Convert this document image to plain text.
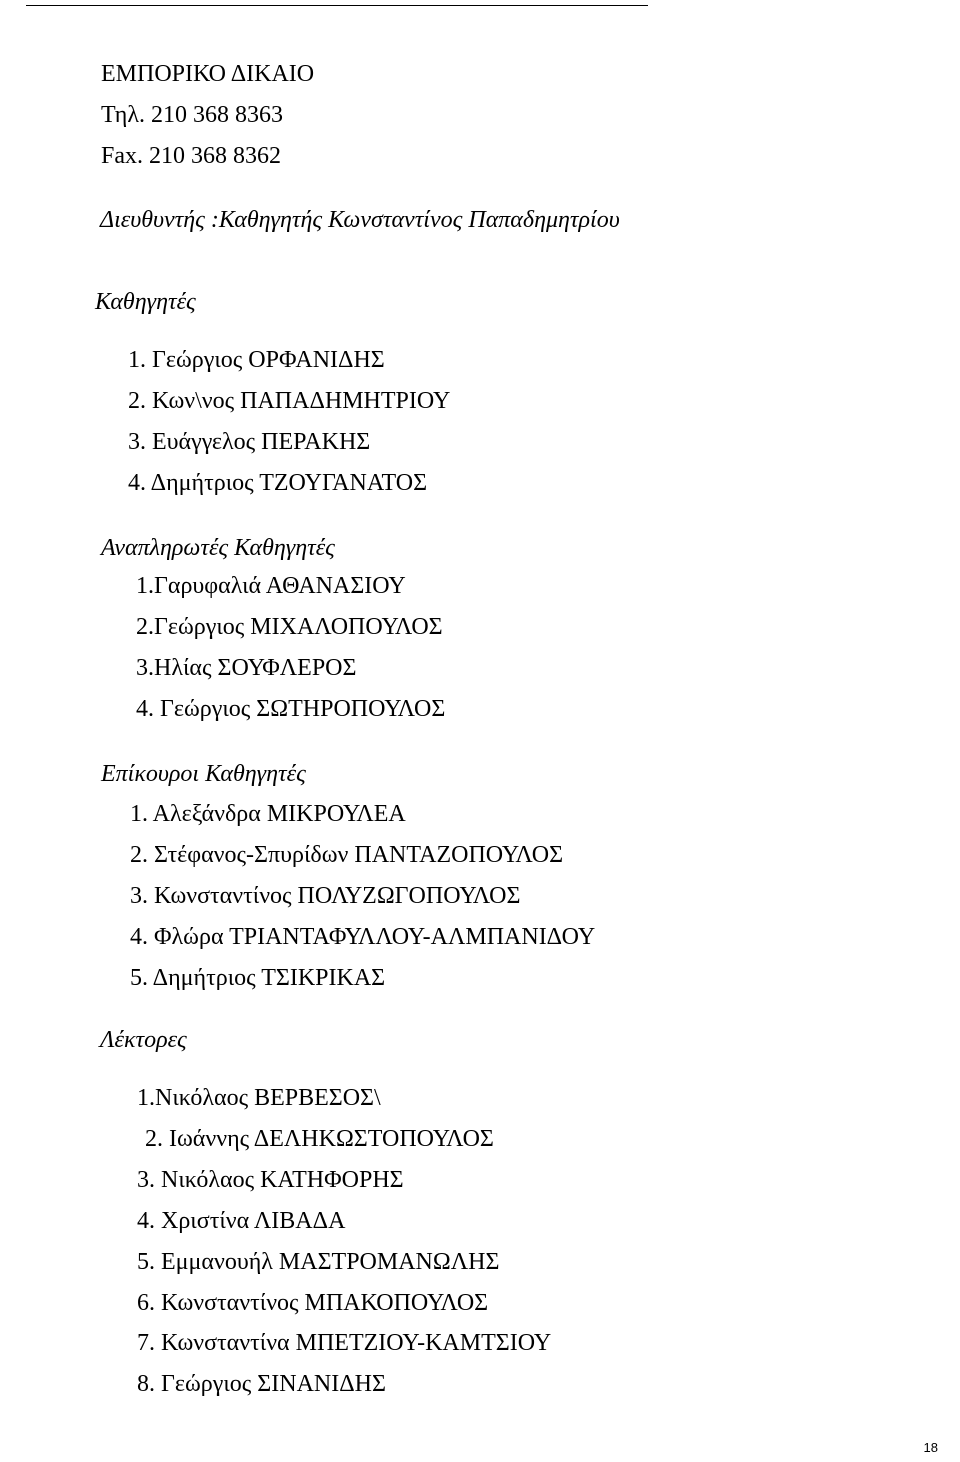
ΕΜΠΟΡΙΚΟ ΔΙΚΑΙΟ
Τηλ. 210 368 8363
Fax. 210 368 8362
Διευθυντής :Καθηγητής Κωνσταντίνος Παπαδημητρίου
Καθηγητές
1. Γεώργιος ΟΡΦΑΝΙΔΗΣ
2. Κων\νος ΠΑΠΑΔΗΜΗΤΡΙΟΥ
3. Ευάγγελος ΠΕΡΑΚΗΣ
4. Δημήτριος ΤΖΟΥΓΑΝΑΤΟΣ
Αναπληρωτές Καθηγητές
1.Γαρυφαλιά ΑΘΑΝΑΣΙΟΥ
2.Γεώργιος ΜΙΧΑΛΟΠΟΥΛΟΣ
3.Ηλίας ΣΟΥΦΛΕΡΟΣ
4. Γεώργιος ΣΩΤΗΡΟΠΟΥΛΟΣ
Επίκουροι Καθηγητές
1. Αλεξάνδρα ΜΙΚΡΟΥΛΕΑ
2. Στέφανος-Σπυρίδων ΠΑΝΤΑΖΟΠΟΥΛΟΣ
3. Κωνσταντίνος ΠΟΛΥΖΩΓΟΠΟΥΛΟΣ
4. Φλώρα ΤΡΙΑΝΤΑΦΥΛΛΟΥ-ΑΛΜΠΑΝΙΔΟΥ
5. Δημήτριος ΤΣΙΚΡΙΚΑΣ
Λέκτορες
1.Νικόλαος ΒΕΡΒΕΣΟΣ\
2. Ιωάννης ΔΕΛΗΚΩΣΤΟΠΟΥΛΟΣ
3. Νικόλαος ΚΑΤΗΦΟΡΗΣ
4. Χριστίνα ΛΙΒΑΔΑ
5. Εμμανουήλ ΜΑΣΤΡΟΜΑΝΩΛΗΣ
6. Κωνσταντίνος ΜΠΑΚΟΠΟΥΛΟΣ
7. Κωνσταντίνα ΜΠΕΤΖΙΟΥ-ΚΑΜΤΣΙΟΥ
8. Γεώργιος ΣΙΝΑΝΙΔΗΣ
18
